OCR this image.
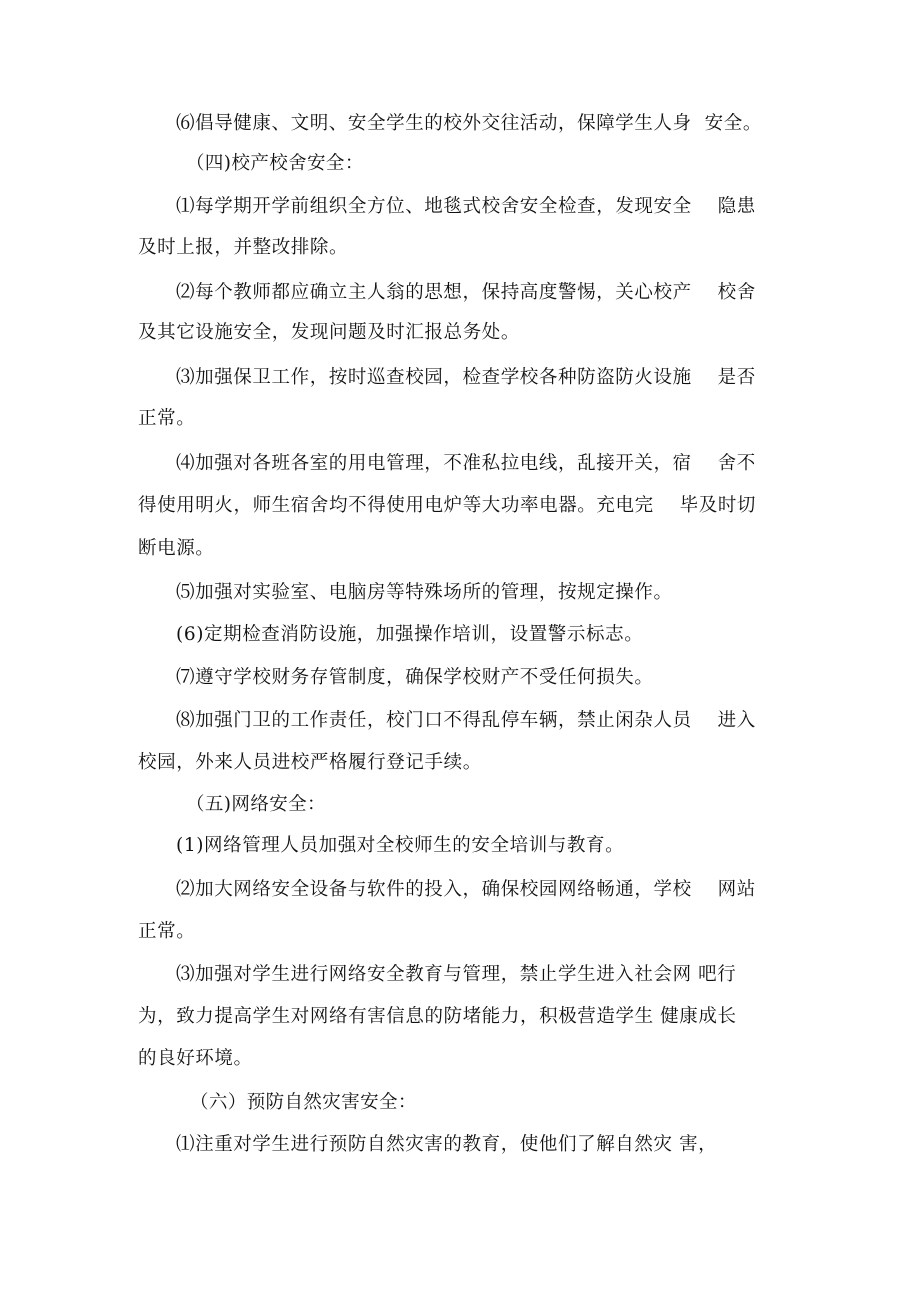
⑹倡导健康、文明、安全学生的校外交往活动，保障学生人身  安全。
（四)校产校舍安全：
⑴每学期开学前组织全方位、地毯式校舍安全检查，发现安全    隐患
及时上报，并整改排除。
⑵每个教师都应确立主人翁的思想，保持高度警惕，关心校产    校舍
及其它设施安全，发现问题及时汇报总务处。
⑶加强保卫工作，按时巡查校园，检查学校各种防盗防火设施    是否
正常。
⑷加强对各班各室的用电管理，不准私拉电线，乱接开关，宿    舍不
得使用明火，师生宿舍均不得使用电炉等大功率电器。充电完    毕及时切
断电源。
⑸加强对实验室、电脑房等特殊场所的管理，按规定操作。
(6)定期检查消防设施，加强操作培训，设置警示标志。
⑺遵守学校财务存管制度，确保学校财产不受任何损失。
⑻加强门卫的工作责任，校门口不得乱停车辆，禁止闲杂人员    进入
校园，外来人员进校严格履行登记手续。
（五)网络安全：
(1)网络管理人员加强对全校师生的安全培训与教育。
⑵加大网络安全设备与软件的投入，确保校园网络畅通，学校    网站
正常。
⑶加强对学生进行网络安全教育与管理，禁止学生进入社会网 吧行
为，致力提高学生对网络有害信息的防堵能力，积极营造学生 健康成长
的良好环境。
（六）预防自然灾害安全：
⑴注重对学生进行预防自然灾害的教育，使他们了解自然灾 害，
